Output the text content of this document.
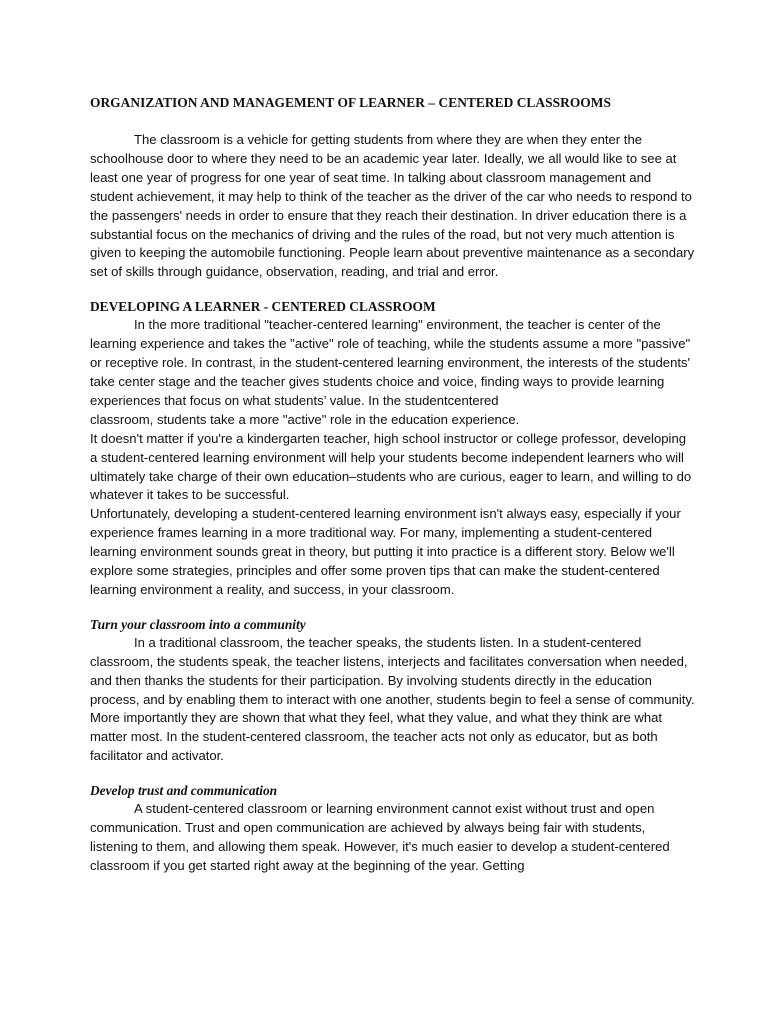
ORGANIZATION AND MANAGEMENT OF LEARNER – CENTERED CLASSROOMS

The classroom is a vehicle for getting students from where they are when they enter the schoolhouse door to where they need to be an academic year later. Ideally, we all would like to see at least one year of progress for one year of seat time. In talking about classroom management and student achievement, it may help to think of the teacher as the driver of the car who needs to respond to the passengers' needs in order to ensure that they reach their destination. In driver education there is a substantial focus on the mechanics of driving and the rules of the road, but not very much attention is given to keeping the automobile functioning. People learn about preventive maintenance as a secondary set of skills through guidance, observation, reading, and trial and error.

DEVELOPING A LEARNER - CENTERED CLASSROOM

In the more traditional "teacher-centered learning" environment, the teacher is center of the learning experience and takes the "active" role of teaching, while the students assume a more "passive" or receptive role. In contrast, in the student-centered learning environment, the interests of the students' take center stage and the teacher gives students choice and voice, finding ways to provide learning experiences that focus on what students’ value. In the studentcentered

classroom, students take a more "active" role in the education experience.

It doesn't matter if you're a kindergarten teacher, high school instructor or college professor, developing a student-centered learning environment will help your students become independent learners who will ultimately take charge of their own education–students who are curious, eager to learn, and willing to do whatever it takes to be successful.

Unfortunately, developing a student-centered learning environment isn't always easy, especially if your experience frames learning in a more traditional way. For many, implementing a student-centered learning environment sounds great in theory, but putting it into practice is a different story. Below we'll explore some strategies, principles and offer some proven tips that can make the student-centered learning environment a reality, and success, in your classroom.

Turn your classroom into a community

In a traditional classroom, the teacher speaks, the students listen. In a student-centered classroom, the students speak, the teacher listens, interjects and facilitates conversation when needed, and then thanks the students for their participation. By involving students directly in the education process, and by enabling them to interact with one another, students begin to feel a sense of community. More importantly they are shown that what they feel, what they value, and what they think are what matter most. In the student-centered classroom, the teacher acts not only as educator, but as both facilitator and activator.

Develop trust and communication

A student-centered classroom or learning environment cannot exist without trust and open communication. Trust and open communication are achieved by always being fair with students, listening to them, and allowing them speak. However, it's much easier to develop a student-centered classroom if you get started right away at the beginning of the year. Getting
